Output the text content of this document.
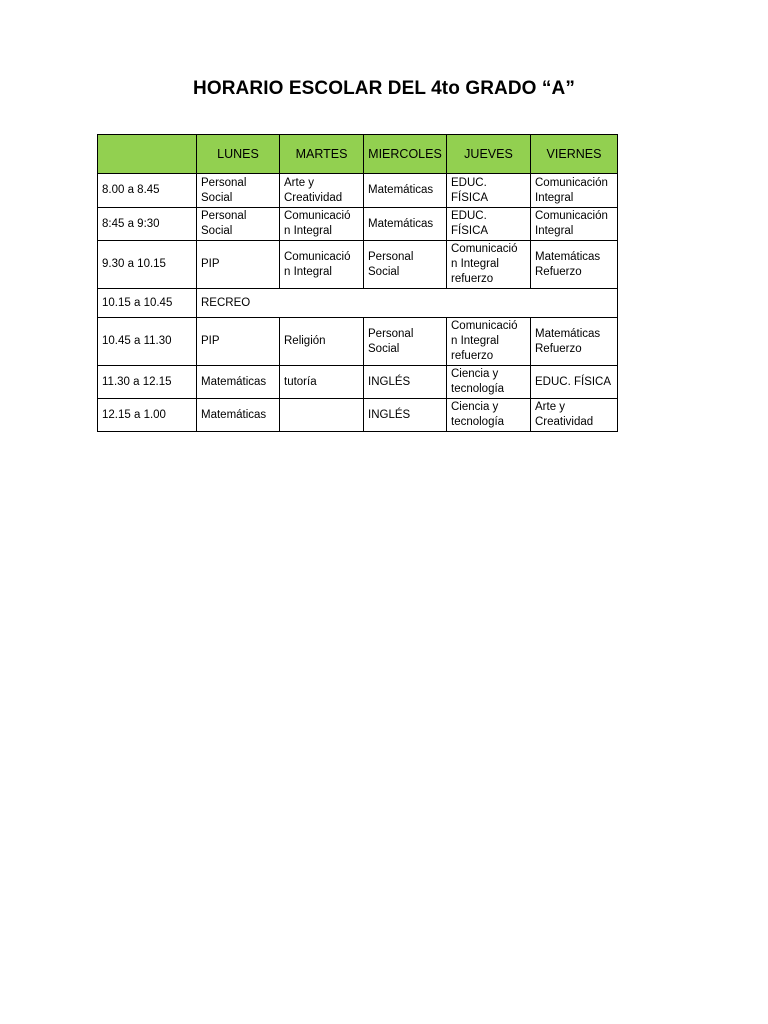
HORARIO ESCOLAR DEL 4to GRADO “A”
	LUNES	MARTES	MIERCOLES	JUEVES	VIERNES
8.00 a 8.45	Personal Social	Arte y Creatividad	Matemáticas	EDUC. FÍSICA	Comunicación Integral
8:45 a 9:30	Personal Social	Comunicació n Integral	Matemáticas	EDUC. FÍSICA	Comunicación Integral
9.30 a 10.15	PIP	Comunicació n Integral	Personal Social	Comunicació n Integral refuerzo	Matemáticas Refuerzo
10.15 a 10.45	RECREO				
10.45 a 11.30	PIP	Religión	Personal Social	Comunicació n Integral refuerzo	Matemáticas Refuerzo
11.30 a 12.15	Matemáticas	tutoría	INGLÉS	Ciencia y tecnología	EDUC. FÍSICA
12.15 a 1.00	Matemáticas		INGLÉS	Ciencia y tecnología	Arte y Creatividad
